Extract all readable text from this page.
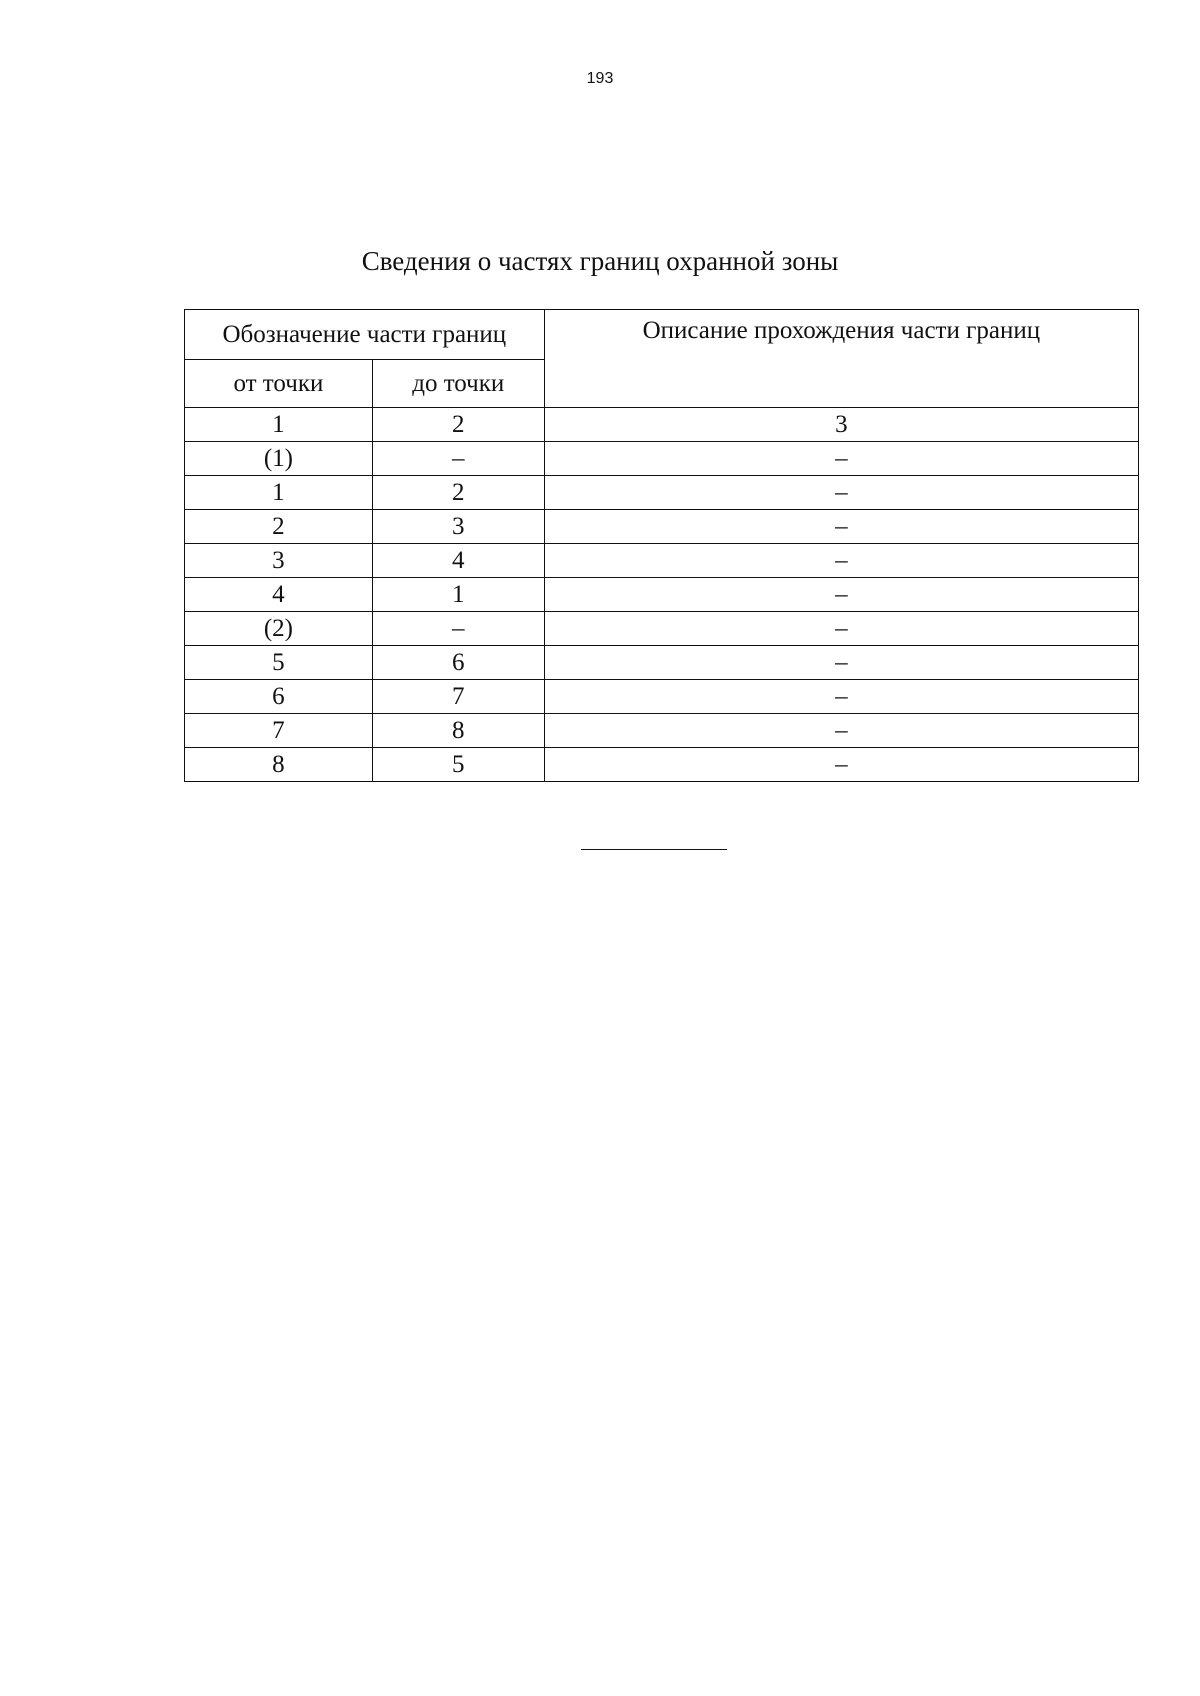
193
Сведения о частях границ охранной зоны
Обозначение части границ		Описание прохождения части границ
от точки	до точки	
1	2	3
(1)	–	–
1	2	–
2	3	–
3	4	–
4	1	–
(2)	–	–
5	6	–
6	7	–
7	8	–
8	5	–
